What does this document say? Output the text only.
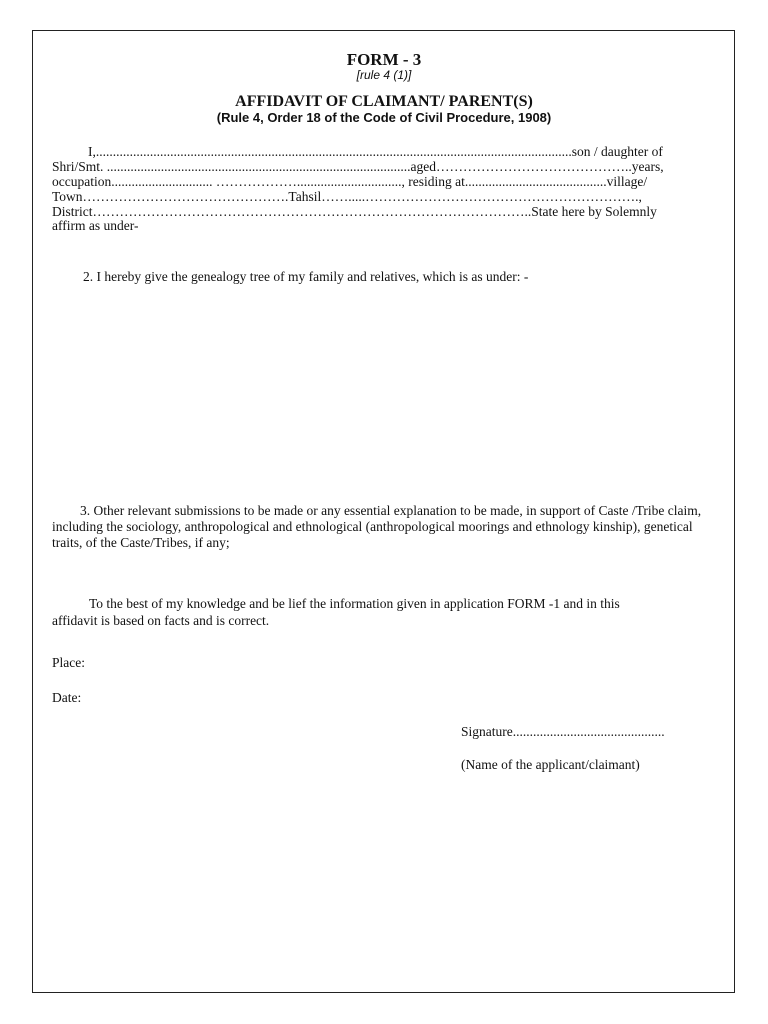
FORM - 3
[rule 4 (1)]
AFFIDAVIT OF CLAIMANT/ PARENT(S)
(Rule 4, Order 18 of the Code of Civil Procedure, 1908)
I,.............................................................................................................................................son / daughter of
Shri/Smt. ..........................................................................................aged……………………………………..years,
occupation.............................. ………………..............................., residing at..........................................village/
Town……………………………………….Tahsil…….....…………………………………………………….,
District……………………………………………………………………………………..State here by Solemnly
affirm as under-
2. I hereby give the genealogy tree of my family and relatives, which is as under: -
3. Other relevant submissions to be made or any essential explanation to be made, in support of Caste /Tribe claim, including the sociology, anthropological and ethnological (anthropological moorings and ethnology kinship), genetical traits, of the Caste/Tribes, if any;
To the best of my knowledge and be lief the information given in application FORM -1 and in this
affidavit is based on facts and is correct.
Place:
Date:
Signature.............................................
(Name of the applicant/claimant)
